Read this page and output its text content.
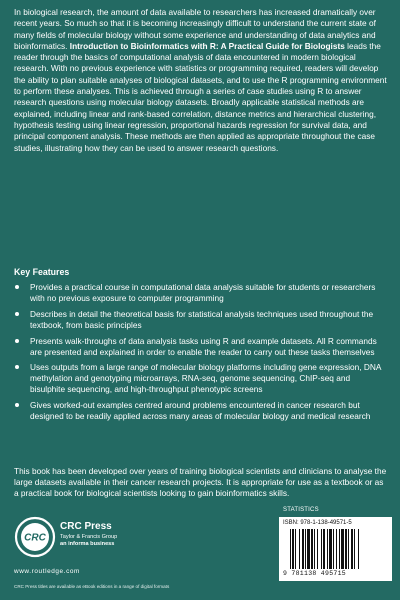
In biological research, the amount of data available to researchers has increased dramatically over recent years. So much so that it is becoming increasingly difficult to understand the current state of many fields of molecular biology without some experience and understanding of data analytics and bioinformatics. Introduction to Bioinformatics with R: A Practical Guide for Biologists leads the reader through the basics of computational analysis of data encountered in modern biological research. With no previous experience with statistics or programming required, readers will develop the ability to plan suitable analyses of biological datasets, and to use the R programming environment to perform these analyses. This is achieved through a series of case studies using R to answer research questions using molecular biology datasets. Broadly applicable statistical methods are explained, including linear and rank-based correlation, distance metrics and hierarchical clustering, hypothesis testing using linear regression, proportional hazards regression for survival data, and principal component analysis. These methods are then applied as appropriate throughout the case studies, illustrating how they can be used to answer research questions.

Key Features
Provides a practical course in computational data analysis suitable for students or researchers with no previous exposure to computer programming
Describes in detail the theoretical basis for statistical analysis techniques used throughout the textbook, from basic principles
Presents walk-throughs of data analysis tasks using R and example datasets. All R commands are presented and explained in order to enable the reader to carry out these tasks themselves
Uses outputs from a large range of molecular biology platforms including gene expression, DNA methylation and genotyping microarrays, RNA-seq, genome sequencing, ChIP-seq and bisulphite sequencing, and high-throughput phenotypic screens
Gives worked-out examples centred around problems encountered in cancer research but designed to be readily applied across many areas of molecular biology and medical research

This book has been developed over years of training biological scientists and clinicians to analyse the large datasets available in their cancer research projects. It is appropriate for use as a textbook or as a practical book for biological scientists looking to gain bioinformatics skills.

CRC
CRC Press
Taylor & Francis Group
an informa business
www.routledge.com
CRC Press titles are available as eBook editions in a range of digital formats
STATISTICS
ISBN: 978-1-138-49571-5
9 781138 495715
